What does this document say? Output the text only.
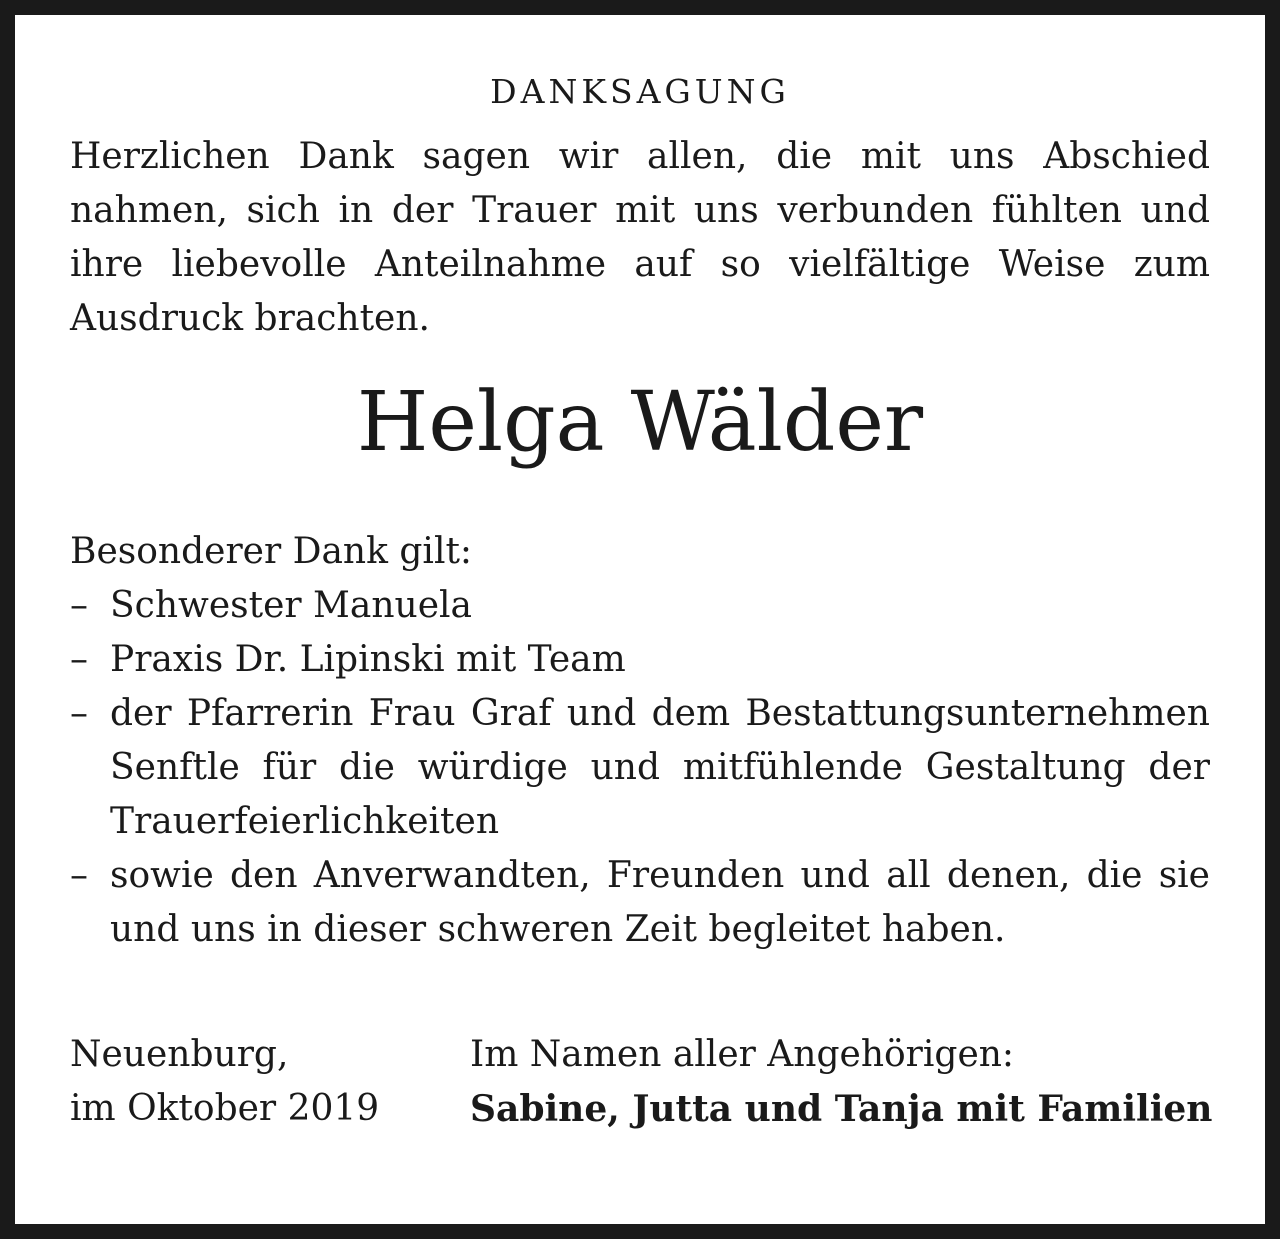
DANKSAGUNG
Herzlichen Dank sagen wir allen, die mit uns Abschied nahmen, sich in der Trauer mit uns verbunden fühlten und ihre liebevolle Anteilnahme auf so vielfältige Weise zum Ausdruck brachten.
Helga Wälder
Besonderer Dank gilt:
– Schwester Manuela
– Praxis Dr. Lipinski mit Team
– der Pfarrerin Frau Graf und dem Bestattungsunternehmen Senftle für die würdige und mitfühlende Gestaltung der Trauerfeierlichkeiten
– sowie den Anverwandten, Freunden und all denen, die sie und uns in dieser schweren Zeit begleitet haben.
Neuenburg,
im Oktober 2019
Im Namen aller Angehörigen:
Sabine, Jutta und Tanja mit Familien
